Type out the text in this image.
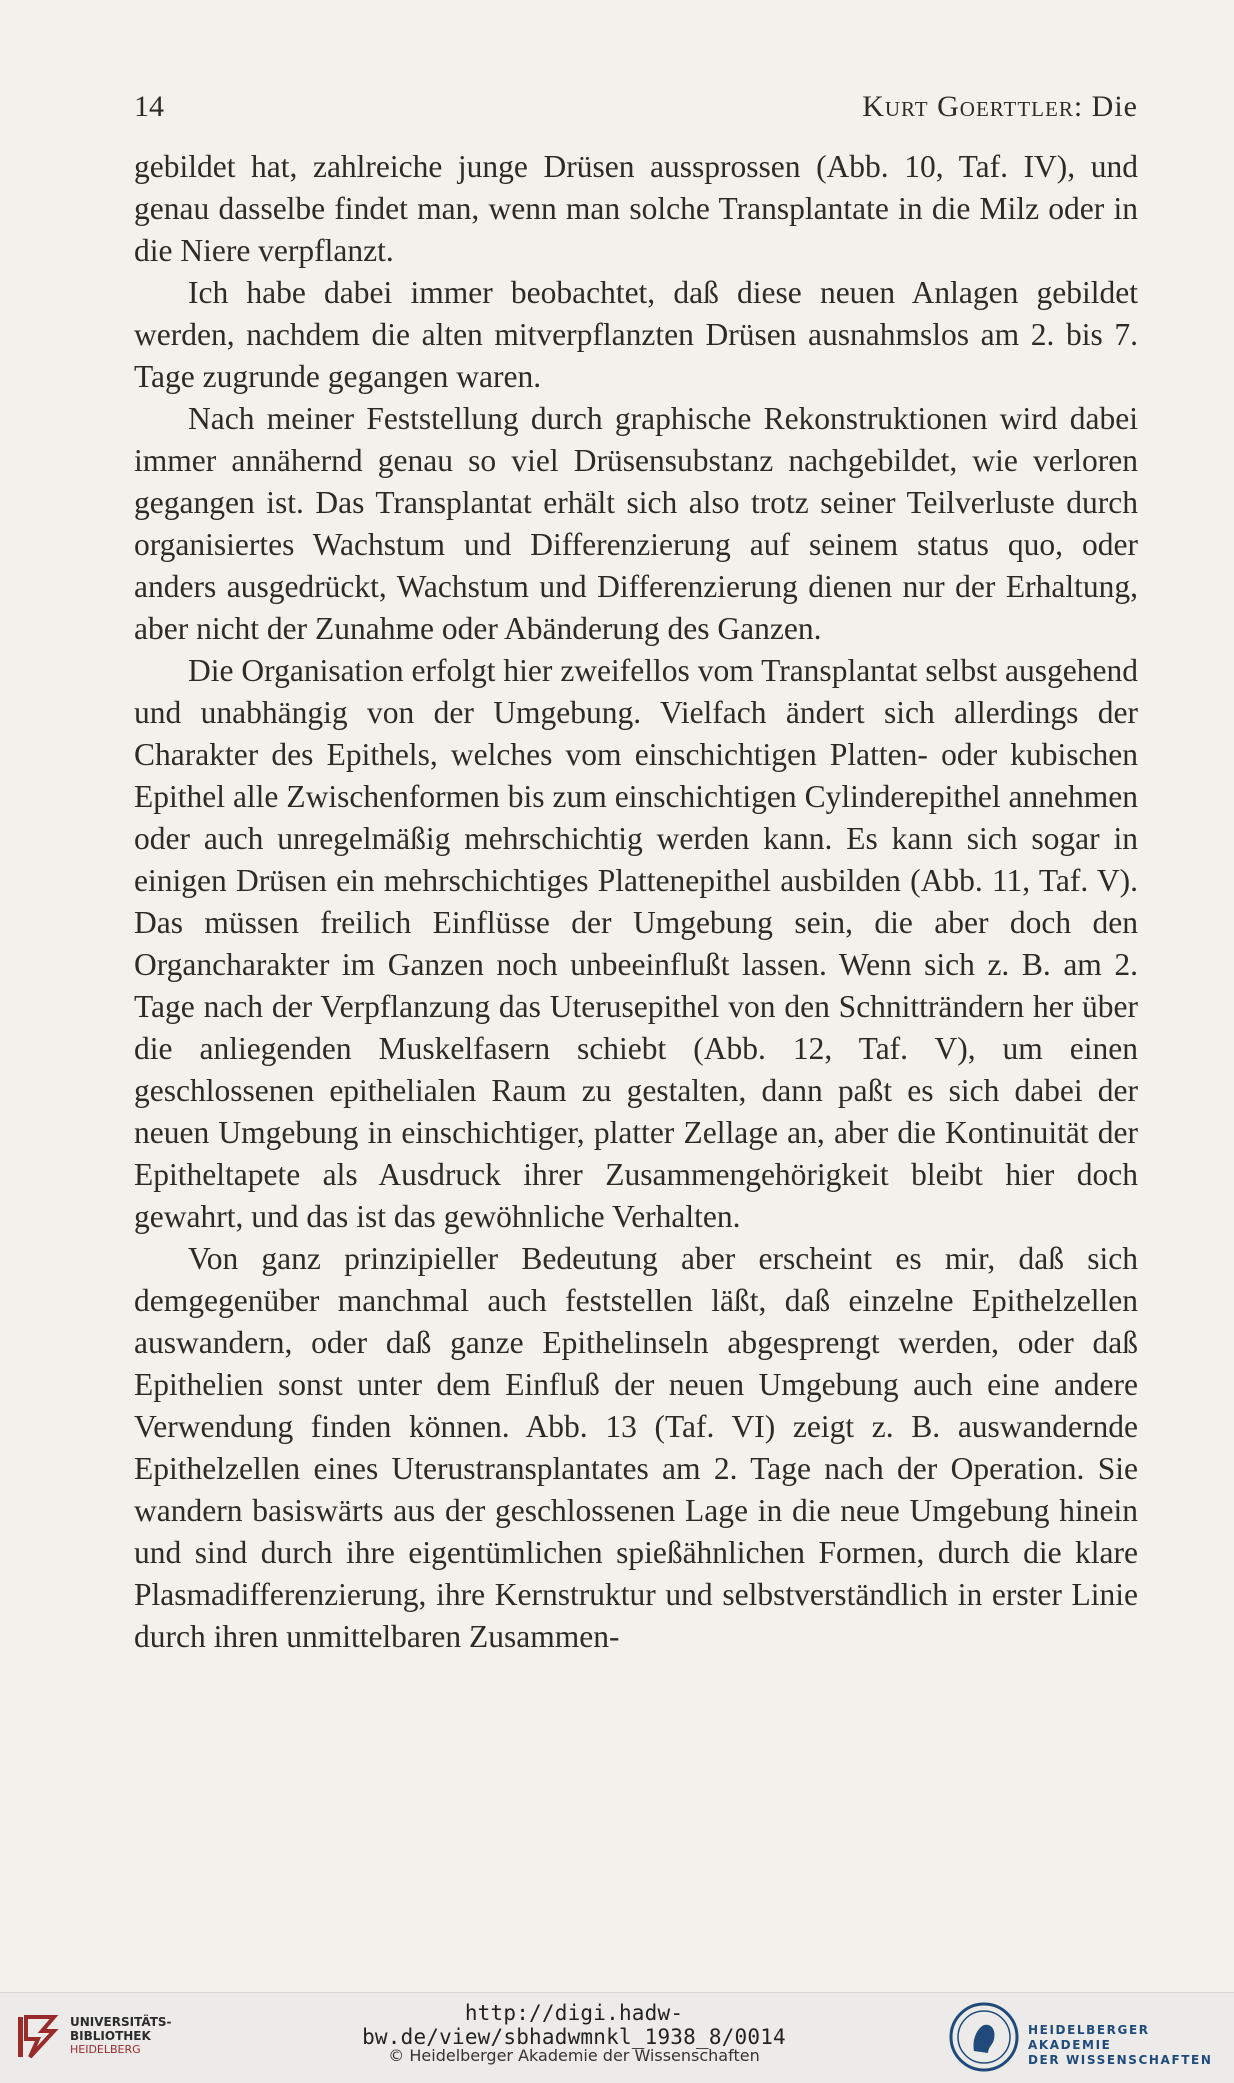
14	Kurt Goerttler: Die

gebildet hat, zahlreiche junge Drüsen aussprossen (Abb. 10, Taf. IV), und genau dasselbe findet man, wenn man solche Transplantate in die Milz oder in die Niere verpflanzt.

Ich habe dabei immer beobachtet, daß diese neuen Anlagen gebildet werden, nachdem die alten mitverpflanzten Drüsen ausnahmslos am 2. bis 7. Tage zugrunde gegangen waren.

Nach meiner Feststellung durch graphische Rekonstruktionen wird dabei immer annähernd genau so viel Drüsensubstanz nachgebildet, wie verloren gegangen ist. Das Transplantat erhält sich also trotz seiner Teilverluste durch organisiertes Wachstum und Differenzierung auf seinem status quo, oder anders ausgedrückt, Wachstum und Differenzierung dienen nur der Erhaltung, aber nicht der Zunahme oder Abänderung des Ganzen.

Die Organisation erfolgt hier zweifellos vom Transplantat selbst ausgehend und unabhängig von der Umgebung. Vielfach ändert sich allerdings der Charakter des Epithels, welches vom einschichtigen Platten- oder kubischen Epithel alle Zwischenformen bis zum einschichtigen Cylinderepithel annehmen oder auch unregelmäßig mehrschichtig werden kann. Es kann sich sogar in einigen Drüsen ein mehrschichtiges Plattenepithel ausbilden (Abb. 11, Taf. V). Das müssen freilich Einflüsse der Umgebung sein, die aber doch den Organcharakter im Ganzen noch unbeeinflußt lassen. Wenn sich z. B. am 2. Tage nach der Verpflanzung das Uterusepithel von den Schnitträndern her über die anliegenden Muskelfasern schiebt (Abb. 12, Taf. V), um einen geschlossenen epithelialen Raum zu gestalten, dann paßt es sich dabei der neuen Umgebung in einschichtiger, platter Zellage an, aber die Kontinuität der Epitheltapete als Ausdruck ihrer Zusammengehörigkeit bleibt hier doch gewahrt, und das ist das gewöhnliche Verhalten.

Von ganz prinzipieller Bedeutung aber erscheint es mir, daß sich demgegenüber manchmal auch feststellen läßt, daß einzelne Epithelzellen auswandern, oder daß ganze Epithelinseln abgesprengt werden, oder daß Epithelien sonst unter dem Einfluß der neuen Umgebung auch eine andere Verwendung finden können. Abb. 13 (Taf. VI) zeigt z. B. auswandernde Epithelzellen eines Uterustransplantates am 2. Tage nach der Operation. Sie wandern basiswärts aus der geschlossenen Lage in die neue Umgebung hinein und sind durch ihre eigentümlichen spießähnlichen Formen, durch die klare Plasmadifferenzierung, ihre Kernstruktur und selbstverständlich in erster Linie durch ihren unmittelbaren Zusammen-

UNIVERSITÄTS-
BIBLIOTHEK
HEIDELBERG
http://digi.hadw-bw.de/view/sbhadwmnkl_1938_8/0014
© Heidelberger Akademie der Wissenschaften
HEIDELBERGER AKADEMIE
DER WISSENSCHAFTEN
